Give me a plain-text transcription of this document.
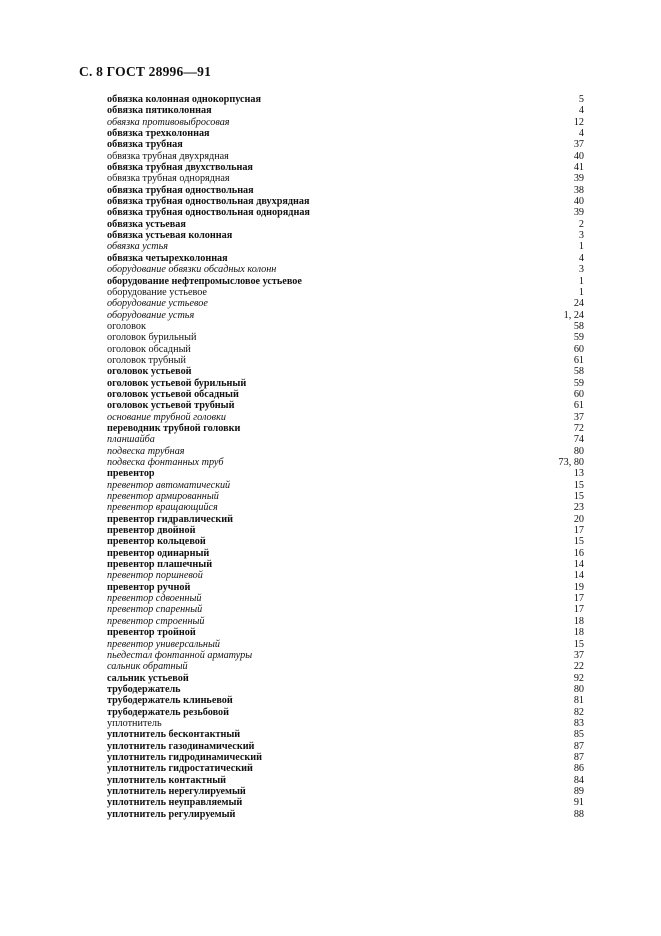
С. 8 ГОСТ 28996—91
обвязка колонная однокорпусная	5
обвязка пятиколонная	4
обвязка противовыбросовая	12
обвязка трехколонная	4
обвязка трубная	37
обвязка трубная двухрядная	40
обвязка трубная двухствольная	41
обвязка трубная однорядная	39
обвязка трубная одноствольная	38
обвязка трубная одноствольная двухрядная	40
обвязка трубная одноствольная однорядная	39
обвязка устьевая	2
обвязка устьевая колонная	3
обвязка устья	1
обвязка четырехколонная	4
оборудование обвязки обсадных колонн	3
оборудование нефтепромысловое устьевое	1
оборудование устьевое	1
оборудование устьевое	24
оборудование устья	1, 24
оголовок	58
оголовок бурильный	59
оголовок обсадный	60
оголовок трубный	61
оголовок устьевой	58
оголовок устьевой бурильный	59
оголовок устьевой обсадный	60
оголовок устьевой трубный	61
основание трубной головки	37
переводник трубной головки	72
планшайба	74
подвеска трубная	80
подвеска фонтанных труб	73, 80
превентор	13
превентор автоматический	15
превентор армированный	15
превентор вращающийся	23
превентор гидравлический	20
превентор двойной	17
превентор кольцевой	15
превентор одинарный	16
превентор плашечный	14
превентор поршневой	14
превентор ручной	19
превентор сдвоенный	17
превентор спаренный	17
превентор строенный	18
превентор тройной	18
превентор универсальный	15
пьедестал фонтанной арматуры	37
сальник обратный	22
сальник устьевой	92
трубодержатель	80
трубодержатель клиньевой	81
трубодержатель резьбовой	82
уплотнитель	83
уплотнитель бесконтактный	85
уплотнитель газодинамический	87
уплотнитель гидродинамический	87
уплотнитель гидростатический	86
уплотнитель контактный	84
уплотнитель нерегулируемый	89
уплотнитель неуправляемый	91
уплотнитель регулируемый	88
